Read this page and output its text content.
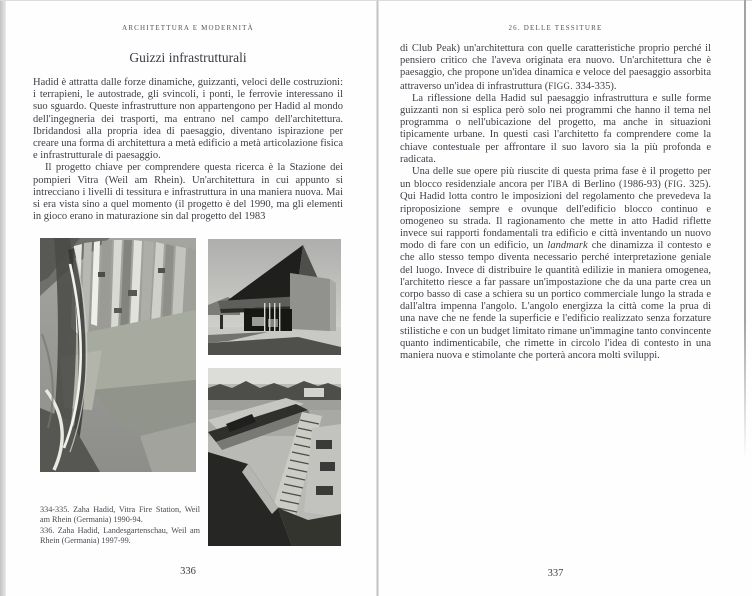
ARCHITETTURA E MODERNITÀ
Guizzi infrastrutturali

Hadid è attratta dalle forze dinamiche, guizzanti, veloci delle costruzioni: i terrapieni, le autostrade, gli svincoli, i ponti, le ferrovie interessano il suo sguardo. Queste infrastrutture non appartengono per Hadid al mondo dell'ingegneria dei trasporti, ma entrano nel campo dell'architettura. Ibridandosi alla propria idea di paesaggio, diventano ispirazione per creare una forma di architettura a metà edificio a metà articolazione fisica e infrastrutturale di paesaggio.

Il progetto chiave per comprendere questa ricerca è la Stazione dei pompieri Vitra (Weil am Rhein). Un'architettura in cui appunto si intrecciano i livelli di tessitura e infrastruttura in una maniera nuova. Mai si era vista sino a quel momento (il progetto è del 1990, ma gli elementi in gioco erano in maturazione sin dal progetto del 1983

334-335. Zaha Hadid, Vitra Fire Station, Weil am Rhein (Germania) 1990-94.
336. Zaha Hadid, Landesgartenschau, Weil am Rhein (Germania) 1997-99.
336
26. DELLE TESSITURE

di Club Peak) un'architettura con quelle caratteristiche proprio perché il pensiero critico che l'aveva originata era nuovo. Un'architettura che è paesaggio, che propone un'idea dinamica e veloce del paesaggio assorbita attraverso un'idea di infrastruttura (FIGG. 334-335).

La riflessione della Hadid sul paesaggio infrastruttura e sulle forme guizzanti non si esplica però solo nei programmi che hanno il tema nel programma o nell'ubicazione del progetto, ma anche in situazioni tipicamente urbane. In questi casi l'architetto fa comprendere come la chiave contestuale per affrontare il suo lavoro sia la più profonda e radicata.

Una delle sue opere più riuscite di questa prima fase è il progetto per un blocco residenziale ancora per l'IBA di Berlino (1986-93) (FIG. 325). Qui Hadid lotta contro le imposizioni del regolamento che prevedeva la riproposizione sempre e ovunque dell'edificio blocco continuo e omogeneo su strada. Il ragionamento che mette in atto Hadid riflette invece sui rapporti fondamentali tra edificio e città inventando un nuovo modo di fare con un edificio, un landmark che dinamizza il contesto e che allo stesso tempo diventa necessario perché interpretazione geniale del luogo. Invece di distribuire le quantità edilizie in maniera omogenea, l'architetto riesce a far passare un'impostazione che da una parte crea un corpo basso di case a schiera su un portico commerciale lungo la strada e dall'altra impenna l'angolo. L'angolo energizza la città come la prua di una nave che ne fende la superficie e l'edificio realizzato senza forzature stilistiche e con un budget limitato rimane un'immagine tanto convincente quanto indimenticabile, che rimette in circolo l'idea di contesto in una maniera nuova e stimolante che porterà ancora molti sviluppi.

337
